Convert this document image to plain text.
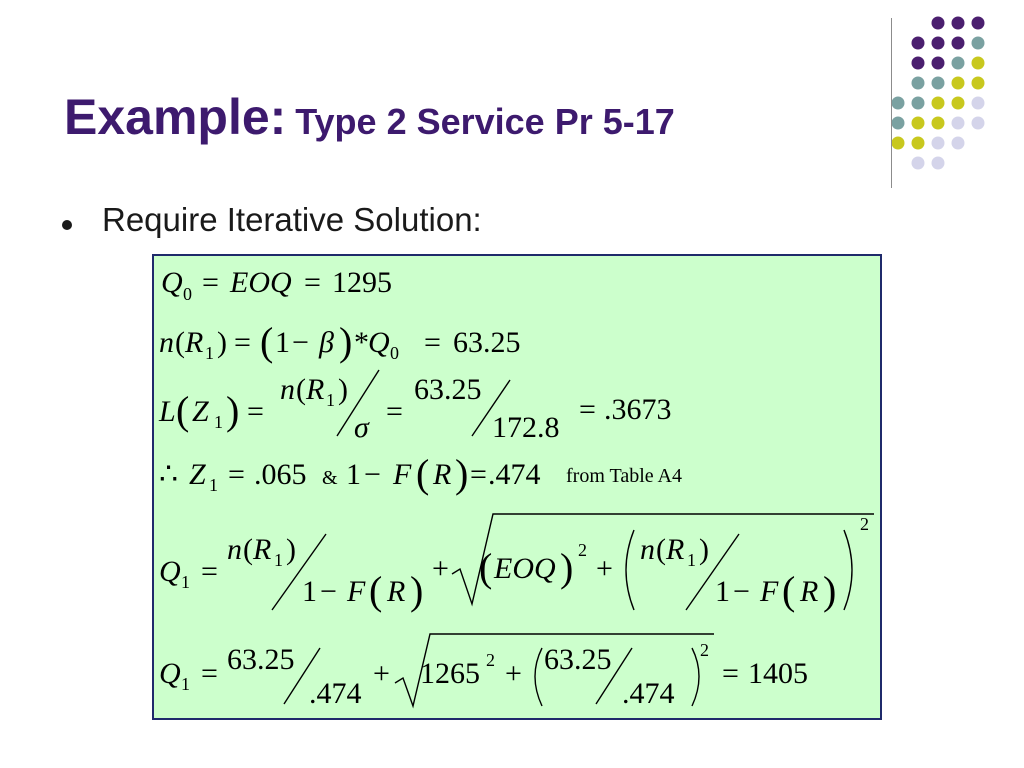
Example: Type 2 Service Pr 5-17
Require Iterative Solution:
Q 0 = EOQ = 1295
n ( R 1 ) = ( 1 − β ) * Q 0 = 63.25
L ( Z 1 ) =
n ( R 1 )
σ =
63.25
172.8
= .3673
∴ Z 1 = .065 & 1 − F ( R ) = .474 from Table A4
Q 1 =
n ( R 1 )
1 − F ( R ) + ( EOQ ) 2
+
n ( R 1 )
1 − F ( R )
2
Q 1 = 63.25
.474
+ 1265 2 + 63.25
.474
2
= 1405
